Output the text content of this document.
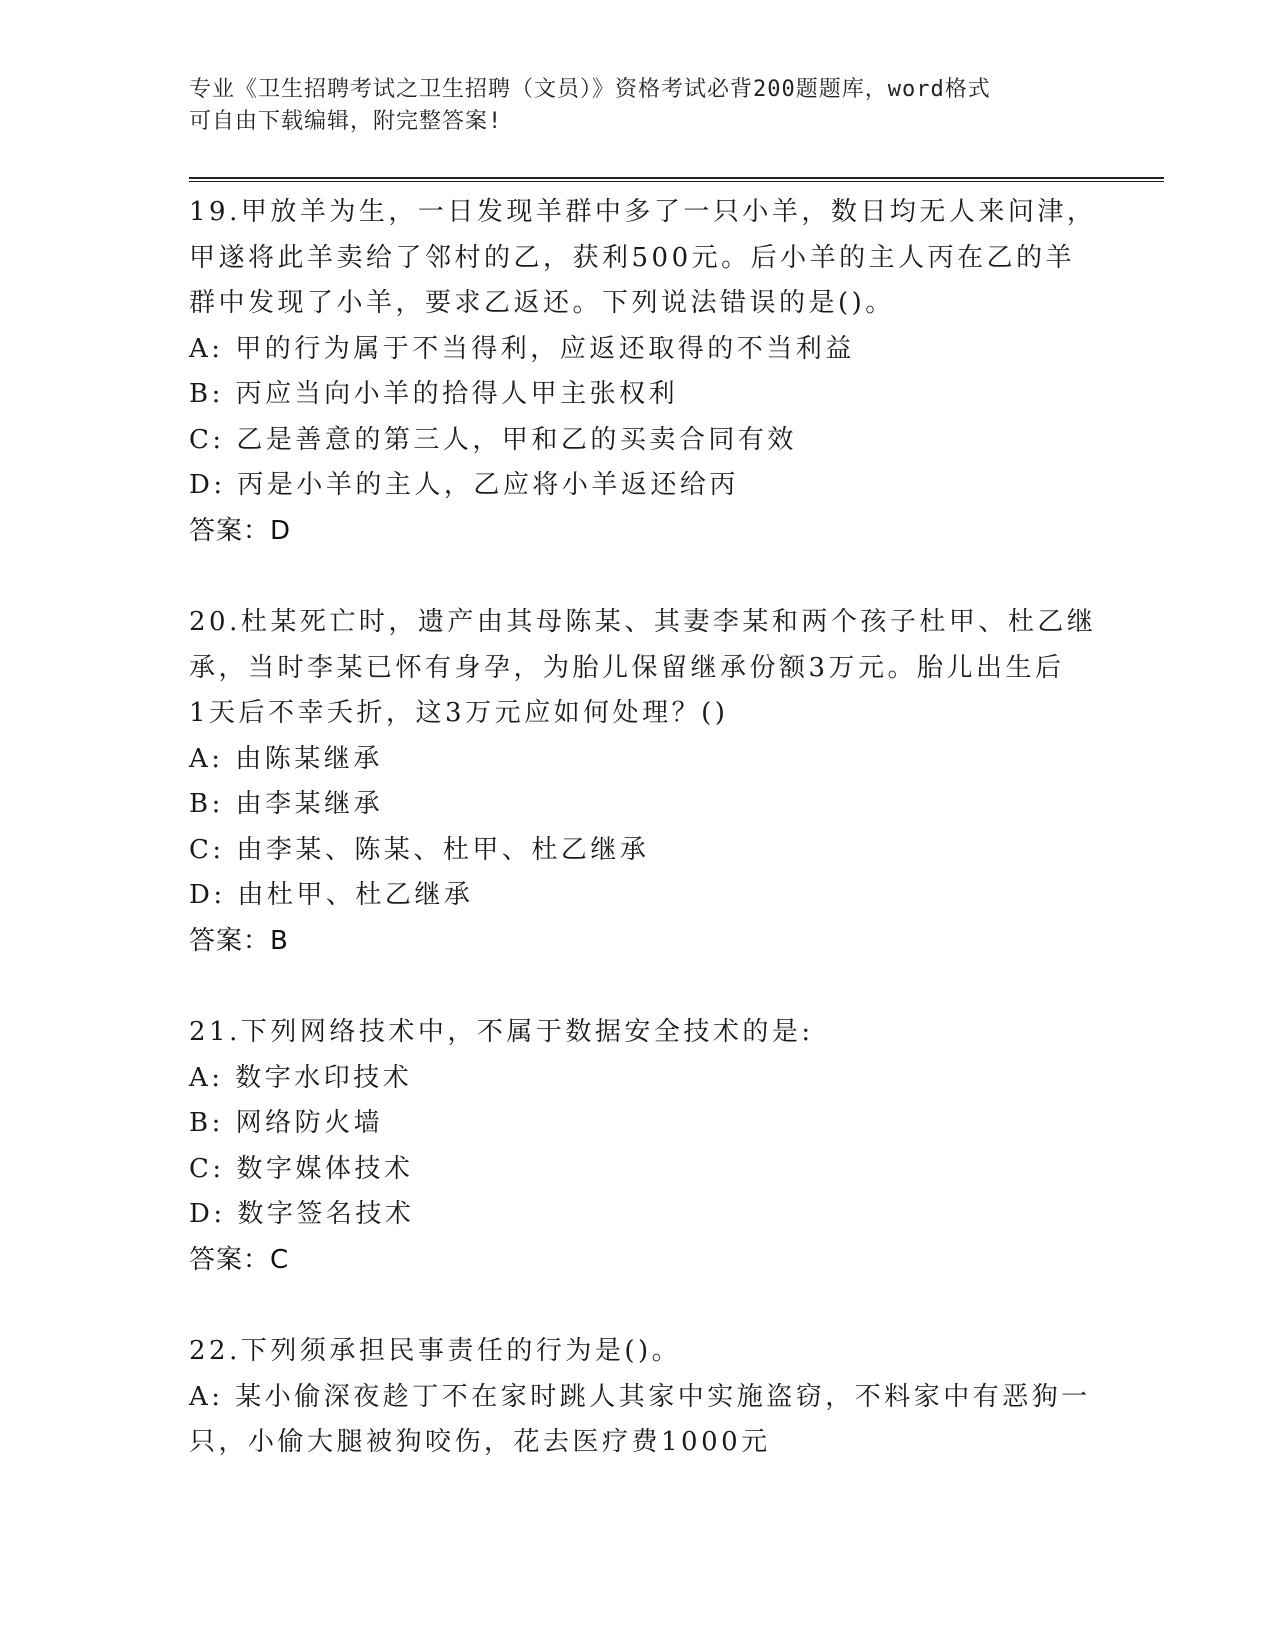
专业《卫生招聘考试之卫生招聘（文员）》资格考试必背200题题库，word格式
可自由下载编辑，附完整答案!
19.甲放羊为生，一日发现羊群中多了一只小羊，数日均无人来问津，
甲遂将此羊卖给了邻村的乙，获利500元。后小羊的主人丙在乙的羊
群中发现了小羊，要求乙返还。下列说法错误的是()。
A: 甲的行为属于不当得利，应返还取得的不当利益
B: 丙应当向小羊的拾得人甲主张权利
C: 乙是善意的第三人，甲和乙的买卖合同有效
D: 丙是小羊的主人，乙应将小羊返还给丙
答案：D
20.杜某死亡时，遗产由其母陈某、其妻李某和两个孩子杜甲、杜乙继
承，当时李某已怀有身孕，为胎儿保留继承份额3万元。胎儿出生后
1天后不幸夭折，这3万元应如何处理？()
A: 由陈某继承
B: 由李某继承
C: 由李某、陈某、杜甲、杜乙继承
D: 由杜甲、杜乙继承
答案：B
21.下列网络技术中，不属于数据安全技术的是:
A: 数字水印技术
B: 网络防火墙
C: 数字媒体技术
D: 数字签名技术
答案：C
22.下列须承担民事责任的行为是()。
A: 某小偷深夜趁丁不在家时跳人其家中实施盗窃，不料家中有恶狗一
只，小偷大腿被狗咬伤，花去医疗费1000元
